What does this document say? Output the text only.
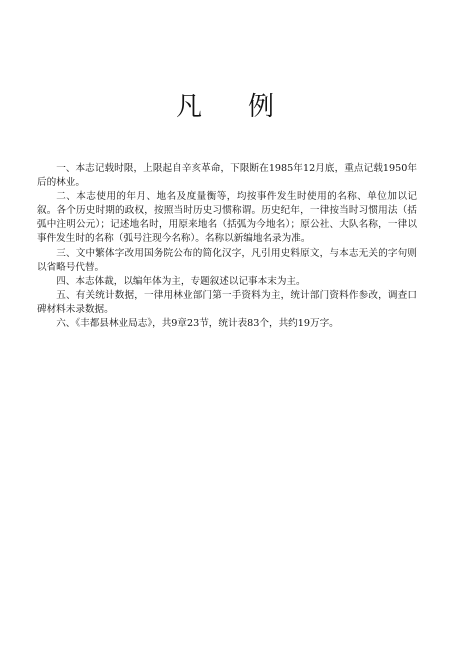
凡例

一、本志记载时限，上限起自辛亥革命，下限断在1985年12月底，重点记载1950年后的林业。

二、本志使用的年月、地名及度量衡等，均按事件发生时使用的名称、单位加以记叙。各个历史时期的政权，按照当时历史习惯称谓。历史纪年，一律按当时习惯用法（括弧中注明公元）；记述地名时，用原来地名（括弧为今地名）；原公社、大队名称，一律以事件发生时的名称（弧号注现今名称）。名称以新编地名录为准。

三、文中繁体字改用国务院公布的简化汉字，凡引用史料原文，与本志无关的字句则以省略号代替。

四、本志体裁，以编年体为主，专题叙述以记事本末为主。

五、有关统计数据，一律用林业部门第一手资料为主，统计部门资料作参改，调查口碑材料未录数据。

六、《丰都县林业局志》，共9章23节，统计表83个，共约19万字。
